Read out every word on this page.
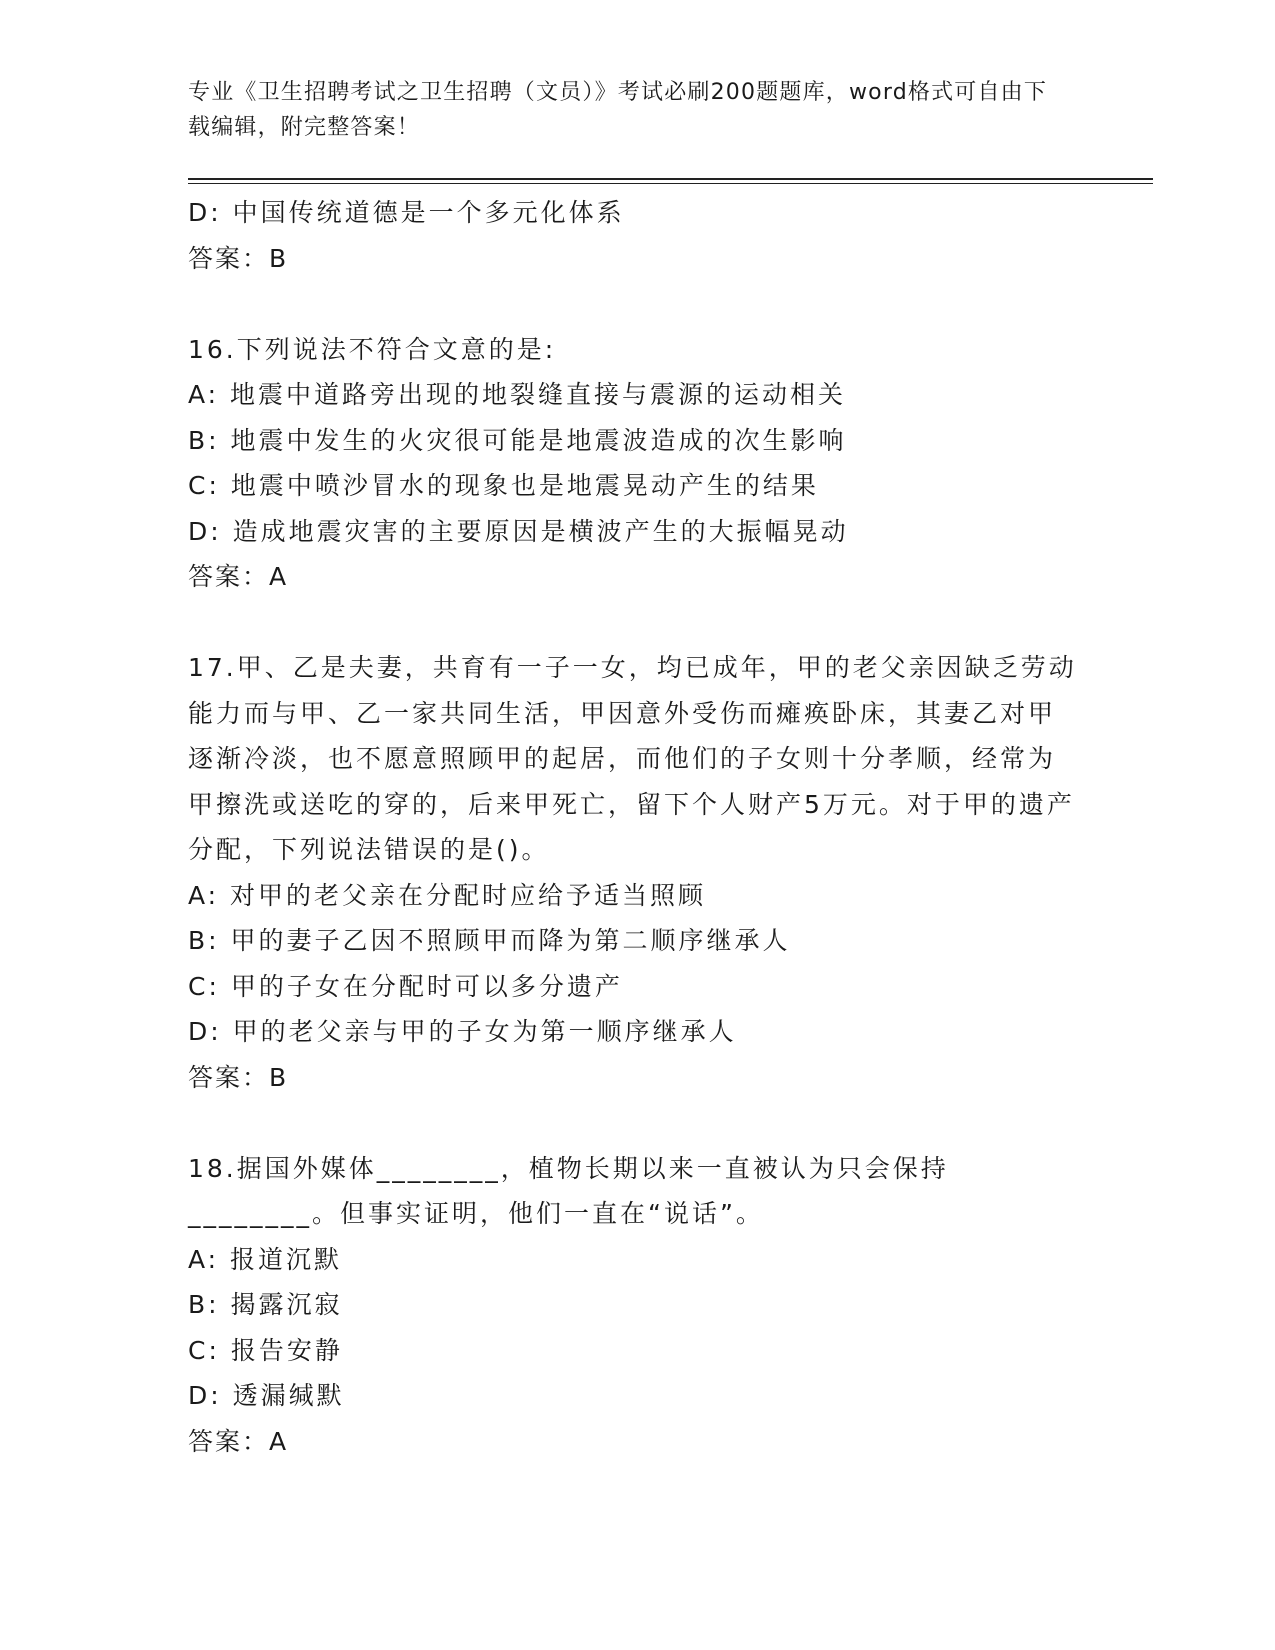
专业《卫生招聘考试之卫生招聘（文员）》考试必刷200题题库，word格式可自由下载编辑，附完整答案！
D: 中国传统道德是一个多元化体系
答案：B
16.下列说法不符合文意的是:
A: 地震中道路旁出现的地裂缝直接与震源的运动相关
B: 地震中发生的火灾很可能是地震波造成的次生影响
C: 地震中喷沙冒水的现象也是地震晃动产生的结果
D: 造成地震灾害的主要原因是横波产生的大振幅晃动
答案：A
17.甲、乙是夫妻，共育有一子一女，均已成年，甲的老父亲因缺乏劳动能力而与甲、乙一家共同生活，甲因意外受伤而瘫痪卧床，其妻乙对甲逐渐冷淡，也不愿意照顾甲的起居，而他们的子女则十分孝顺，经常为甲擦洗或送吃的穿的，后来甲死亡，留下个人财产5万元。对于甲的遗产分配，下列说法错误的是()。
A: 对甲的老父亲在分配时应给予适当照顾
B: 甲的妻子乙因不照顾甲而降为第二顺序继承人
C: 甲的子女在分配时可以多分遗产
D: 甲的老父亲与甲的子女为第一顺序继承人
答案：B
18.据国外媒体________，植物长期以来一直被认为只会保持________。但事实证明，他们一直在“说话”。
A: 报道沉默
B: 揭露沉寂
C: 报告安静
D: 透漏缄默
答案：A
